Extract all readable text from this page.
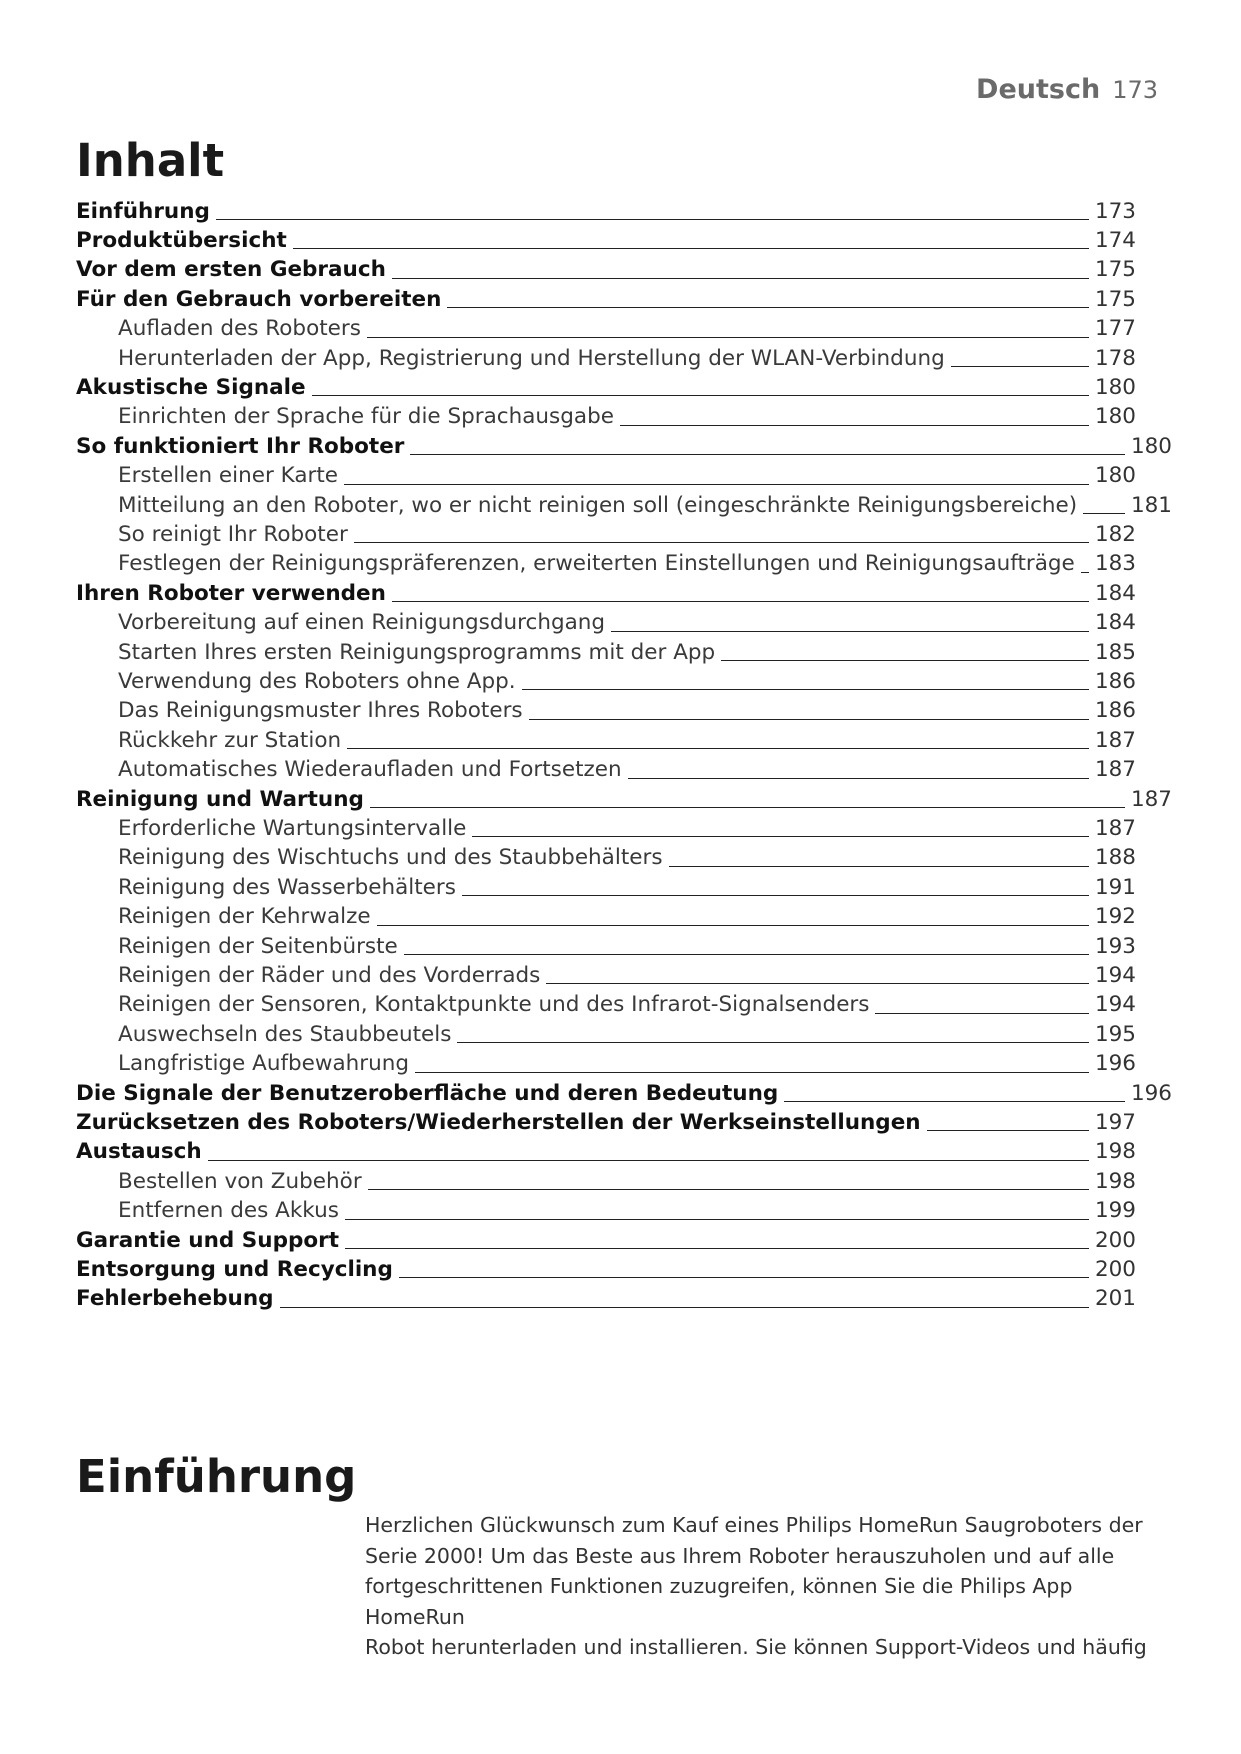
Deutsch 173
Inhalt
Einführung	173
Produktübersicht	174
Vor dem ersten Gebrauch	175
Für den Gebrauch vorbereiten	175
Aufladen des Roboters	177
Herunterladen der App, Registrierung und Herstellung der WLAN-Verbindung	178
Akustische Signale	180
Einrichten der Sprache für die Sprachausgabe	180
So funktioniert Ihr Roboter	180
Erstellen einer Karte	180
Mitteilung an den Roboter, wo er nicht reinigen soll (eingeschränkte Reinigungsbereiche)	181
So reinigt Ihr Roboter	182
Festlegen der Reinigungspräferenzen, erweiterten Einstellungen und Reinigungsaufträge 183
Ihren Roboter verwenden	184
Vorbereitung auf einen Reinigungsdurchgang	184
Starten Ihres ersten Reinigungsprogramms mit der App	185
Verwendung des Roboters ohne App.	186
Das Reinigungsmuster Ihres Roboters	186
Rückkehr zur Station	187
Automatisches Wiederaufladen und Fortsetzen	187
Reinigung und Wartung	187
Erforderliche Wartungsintervalle	187
Reinigung des Wischtuchs und des Staubbehälters	188
Reinigung des Wasserbehälters	191
Reinigen der Kehrwalze	192
Reinigen der Seitenbürste	193
Reinigen der Räder und des Vorderrads	194
Reinigen der Sensoren, Kontaktpunkte und des Infrarot-Signalsenders	194
Auswechseln des Staubbeutels	195
Langfristige Aufbewahrung	196
Die Signale der Benutzeroberfläche und deren Bedeutung	196
Zurücksetzen des Roboters/Wiederherstellen der Werkseinstellungen	197
Austausch	198
Bestellen von Zubehör	198
Entfernen des Akkus	199
Garantie und Support	200
Entsorgung und Recycling	200
Fehlerbehebung	201
Einführung
Herzlichen Glückwunsch zum Kauf eines Philips HomeRun Saugroboters der
Serie 2000! Um das Beste aus Ihrem Roboter herauszuholen und auf alle
fortgeschrittenen Funktionen zuzugreifen, können Sie die Philips App HomeRun
Robot herunterladen und installieren. Sie können Support-Videos und häufig
